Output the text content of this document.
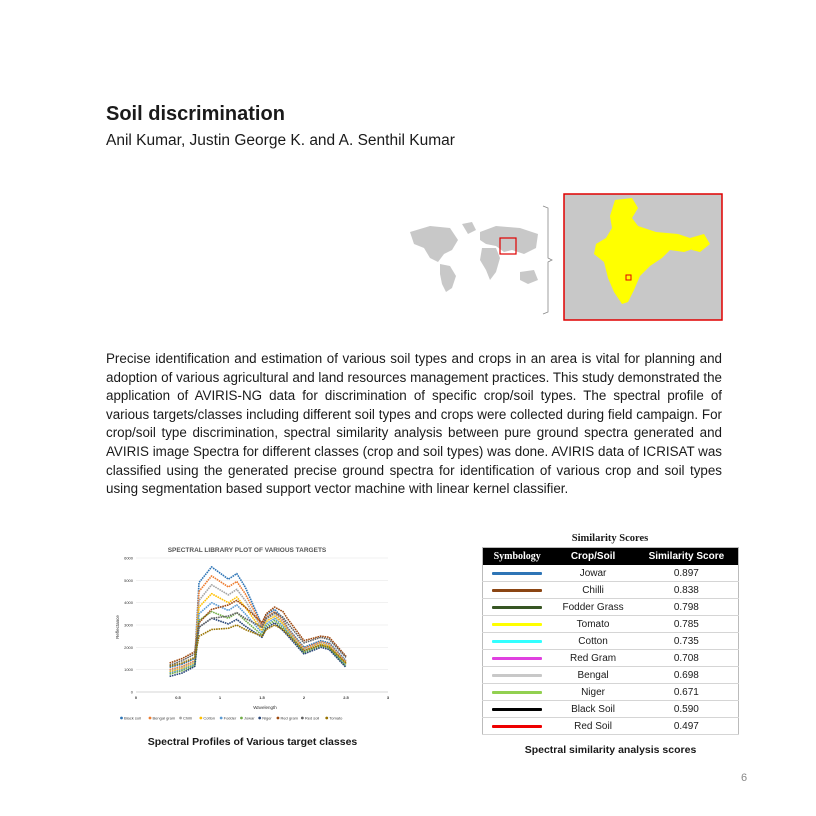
Soil discrimination
Anil Kumar, Justin George K. and A. Senthil Kumar

Precise identification and estimation of various soil types and crops in an area is vital for planning and adoption of various agricultural and land resources management practices. This study demonstrated the application of AVIRIS-NG data for discrimination of specific crop/soil types. The spectral profile of various targets/classes including different soil types and crops were collected during field campaign. For crop/soil type discrimination, spectral similarity analysis between pure ground spectra generated and AVIRIS image Spectra for different classes (crop and soil types) was done. AVIRIS data of ICRISAT was classified using the generated precise ground spectra for identification of various crop and soil types using segmentation based support vector machine with linear kernel classifier.

SPECTRAL LIBRARY PLOT OF VARIOUS TARGETS
0
1000
2000
3000
4000
5000
6000
0	0.5	1	1.5	2	2.5	3
Wavelength
Reflectance
Black soil	Bengal gram Chilli	Cotton Fodder Jowar Niger Red gram Red soil Tomato
Spectral Profiles of Various target classes
Similarity Scores
Symbology	Crop/Soil	Similarity Score

	Jowar	0.897

	Chilli	0.838

	Fodder Grass	0.798

	Tomato	0.785

	Cotton	0.735

	Red Gram	0.708

	Bengal	0.698

	Niger	0.671

	Black Soil	0.590

	Red Soil	0.497
Spectral similarity analysis scores
6
